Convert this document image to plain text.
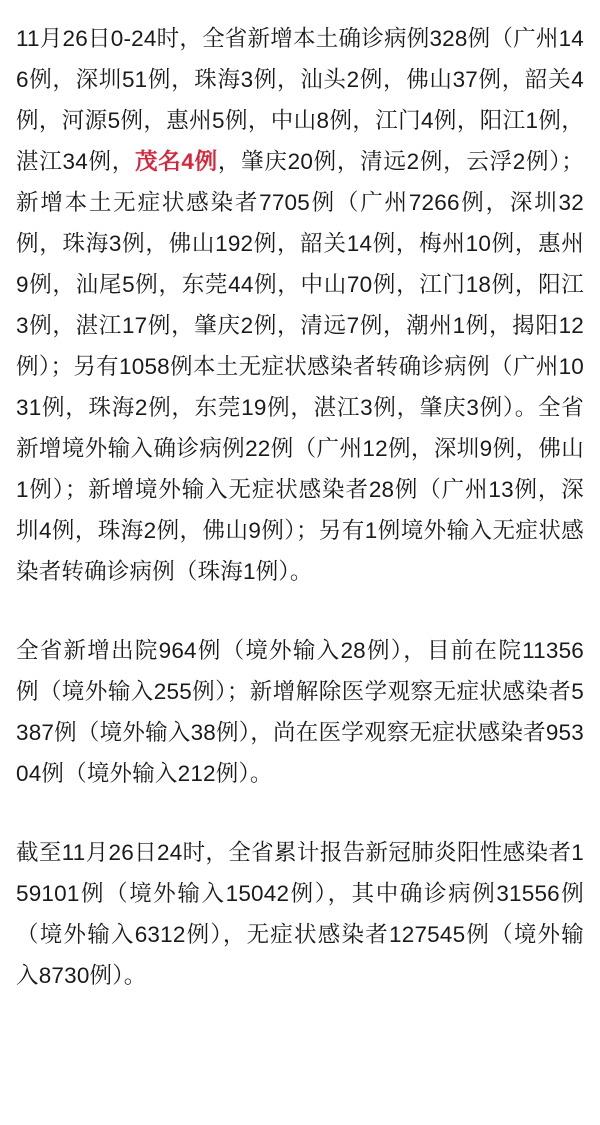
11月26日0-24时，全省新增本土确诊病例328例（广州146例，深圳51例，珠海3例，汕头2例，佛山37例，韶关4例，河源5例，惠州5例，中山8例，江门4例，阳江1例，湛江34例，茂名4例，肇庆20例，清远2例，云浮2例）；新增本土无症状感染者7705例（广州7266例，深圳32例，珠海3例，佛山192例，韶关14例，梅州10例，惠州9例，汕尾5例，东莞44例，中山70例，江门18例，阳江3例，湛江17例，肇庆2例，清远7例，潮州1例，揭阳12例）；另有1058例本土无症状感染者转确诊病例（广州1031例，珠海2例，东莞19例，湛江3例，肇庆3例）。全省新增境外输入确诊病例22例（广州12例，深圳9例，佛山1例）；新增境外输入无症状感染者28例（广州13例，深圳4例，珠海2例，佛山9例）；另有1例境外输入无症状感染者转确诊病例（珠海1例）。

全省新增出院964例（境外输入28例），目前在院11356例（境外输入255例）；新增解除医学观察无症状感染者5387例（境外输入38例），尚在医学观察无症状感染者95304例（境外输入212例）。

截至11月26日24时，全省累计报告新冠肺炎阳性感染者159101例（境外输入15042例），其中确诊病例31556例（境外输入6312例），无症状感染者127545例（境外输入8730例）。
